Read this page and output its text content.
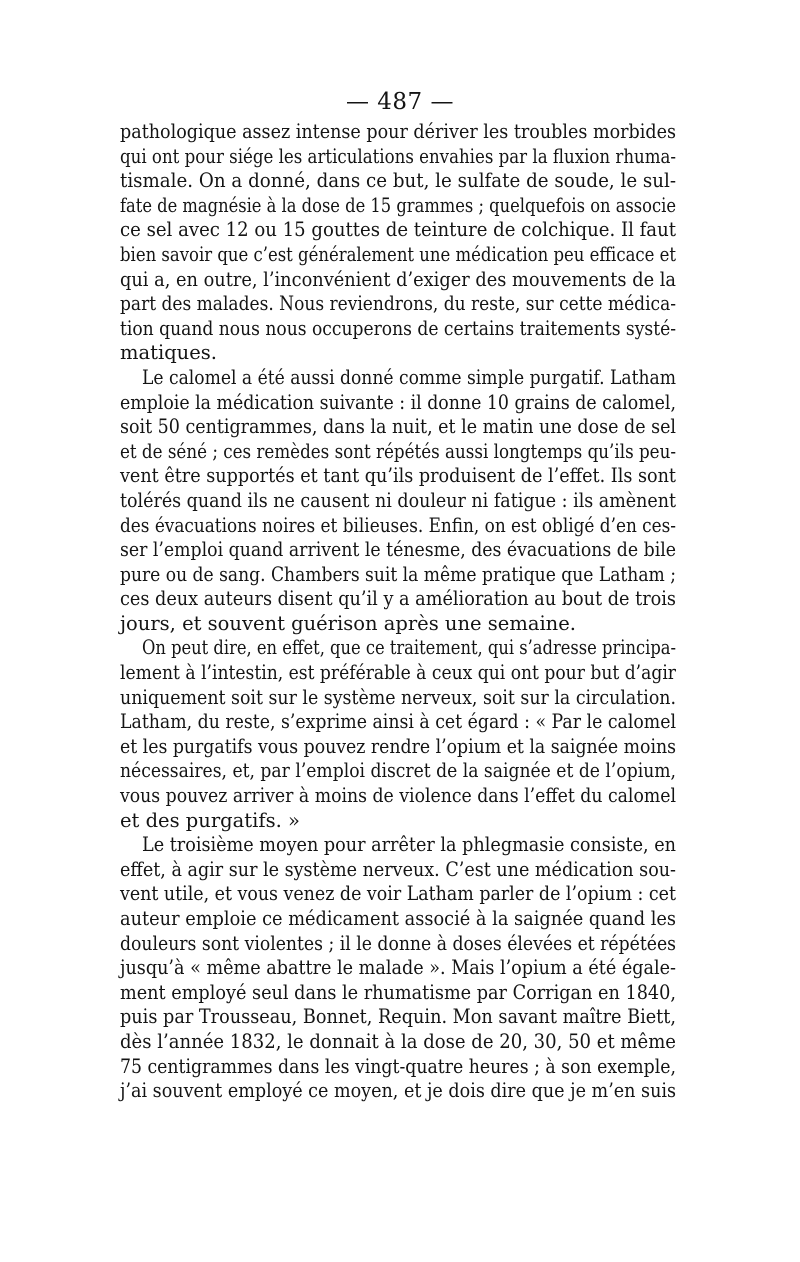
— 487 —
pathologique assez intense pour dériver les troubles morbides
qui ont pour siége les articulations envahies par la fluxion rhuma-
tismale. On a donné, dans ce but, le sulfate de soude, le sul-
fate de magnésie à la dose de 15 grammes ; quelquefois on associe
ce sel avec 12 ou 15 gouttes de teinture de colchique. Il faut
bien savoir que c’est généralement une médication peu efficace et
qui a, en outre, l’inconvénient d’exiger des mouvements de la
part des malades. Nous reviendrons, du reste, sur cette médica-
tion quand nous nous occuperons de certains traitements systé-
matiques.
Le calomel a été aussi donné comme simple purgatif. Latham
emploie la médication suivante : il donne 10 grains de calomel,
soit 50 centigrammes, dans la nuit, et le matin une dose de sel
et de séné ; ces remèdes sont répétés aussi longtemps qu’ils peu-
vent être supportés et tant qu’ils produisent de l’effet. Ils sont
tolérés quand ils ne causent ni douleur ni fatigue : ils amènent
des évacuations noires et bilieuses. Enfin, on est obligé d’en ces-
ser l’emploi quand arrivent le ténesme, des évacuations de bile
pure ou de sang. Chambers suit la même pratique que Latham ;
ces deux auteurs disent qu’il y a amélioration au bout de trois
jours, et souvent guérison après une semaine.
On peut dire, en effet, que ce traitement, qui s’adresse principa-
lement à l’intestin, est préférable à ceux qui ont pour but d’agir
uniquement soit sur le système nerveux, soit sur la circulation.
Latham, du reste, s’exprime ainsi à cet égard : « Par le calomel
et les purgatifs vous pouvez rendre l’opium et la saignée moins
nécessaires, et, par l’emploi discret de la saignée et de l’opium,
vous pouvez arriver à moins de violence dans l’effet du calomel
et des purgatifs. »
Le troisième moyen pour arrêter la phlegmasie consiste, en
effet, à agir sur le système nerveux. C’est une médication sou-
vent utile, et vous venez de voir Latham parler de l’opium : cet
auteur emploie ce médicament associé à la saignée quand les
douleurs sont violentes ; il le donne à doses élevées et répétées
jusqu’à « même abattre le malade ». Mais l’opium a été égale-
ment employé seul dans le rhumatisme par Corrigan en 1840,
puis par Trousseau, Bonnet, Requin. Mon savant maître Biett,
dès l’année 1832, le donnait à la dose de 20, 30, 50 et même
75 centigrammes dans les vingt-quatre heures ; à son exemple,
j’ai souvent employé ce moyen, et je dois dire que je m’en suis
